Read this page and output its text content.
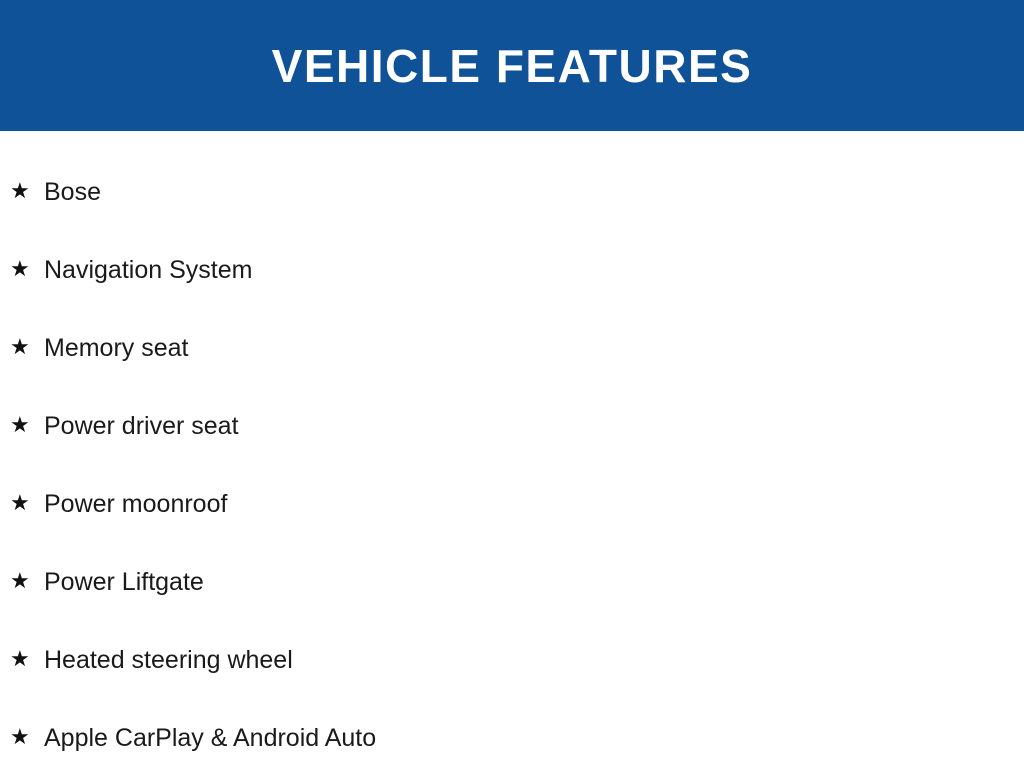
VEHICLE FEATURES
★ Bose
★ Navigation System
★ Memory seat
★ Power driver seat
★ Power moonroof
★ Power Liftgate
★ Heated steering wheel
★ Apple CarPlay & Android Auto
